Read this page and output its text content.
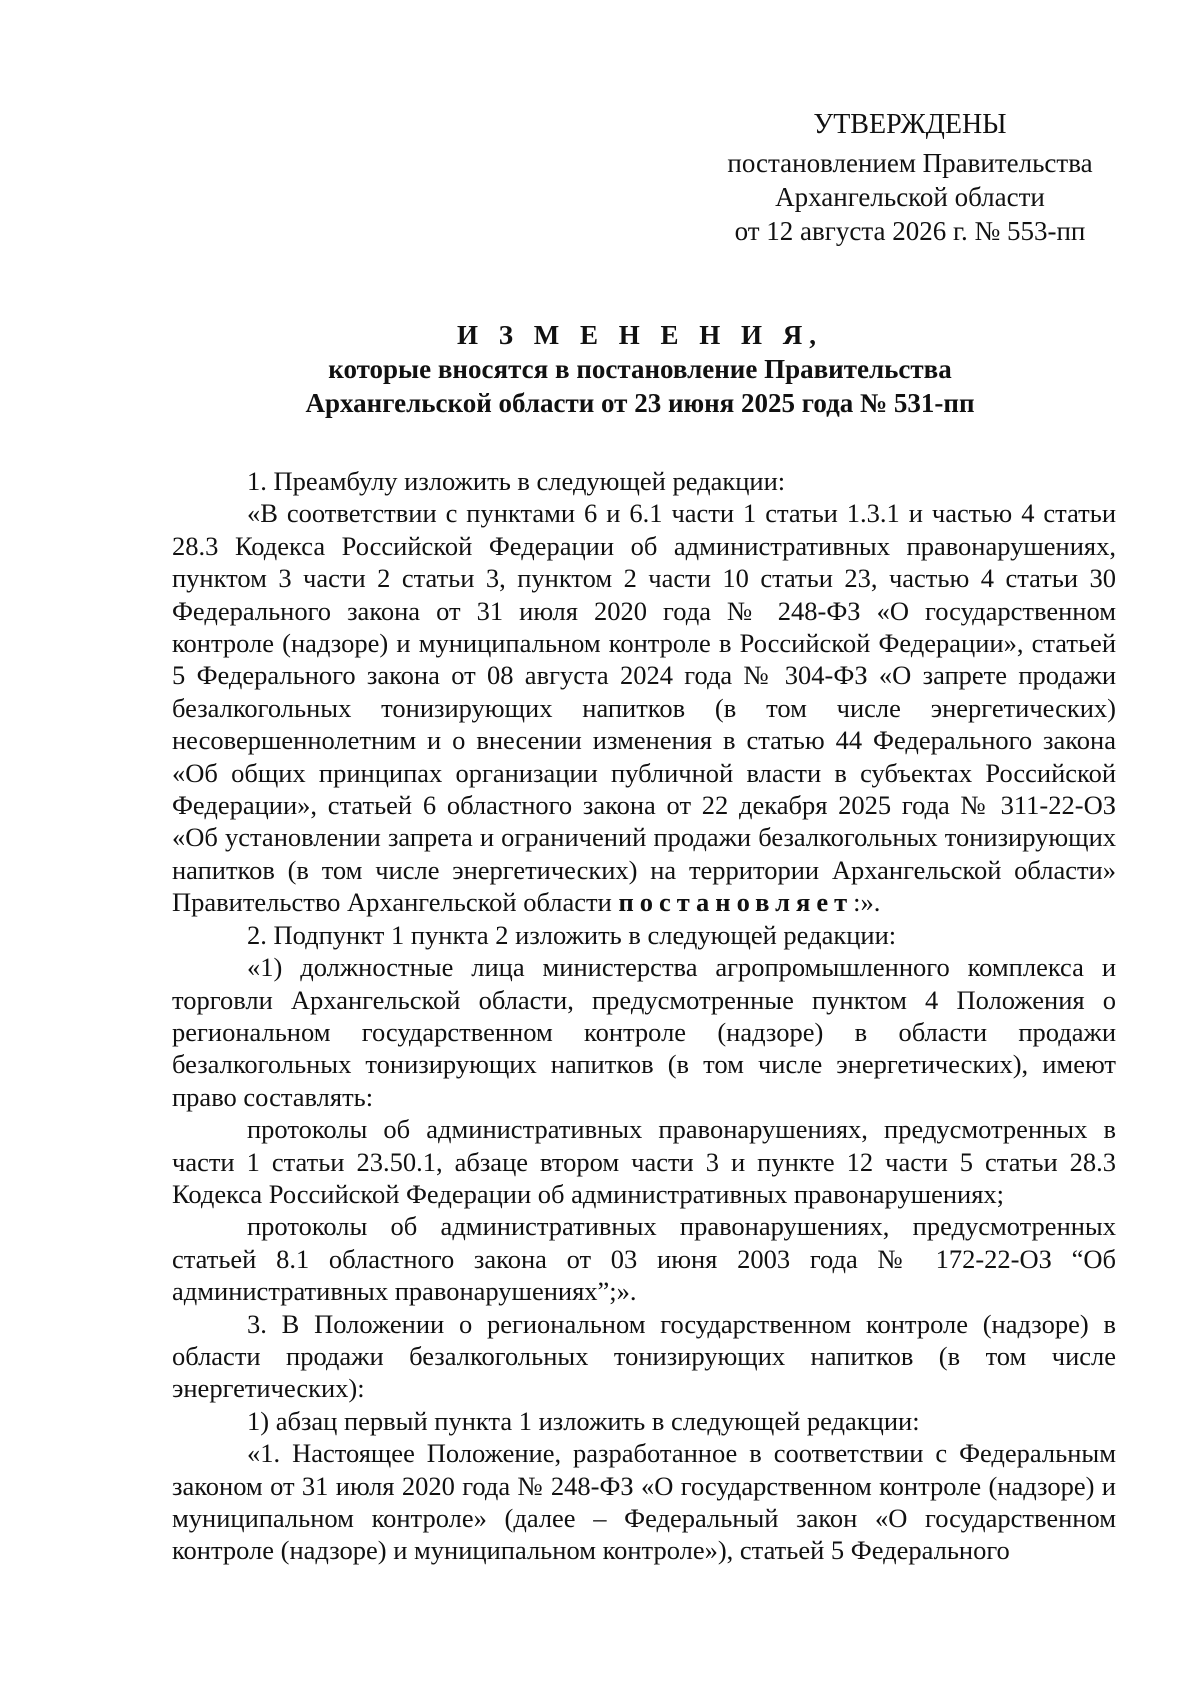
УТВЕРЖДЕНЫ
постановлением Правительства
Архангельской области
от 12 августа 2026 г. № 553-пп
И З М Е Н Е Н И Я,
которые вносятся в постановление Правительства
Архангельской области от 23 июня 2025 года № 531-пп

1. Преамбулу изложить в следующей редакции:

«В соответствии с пунктами 6 и 6.1 части 1 статьи 1.3.1 и частью 4 статьи 28.3 Кодекса Российской Федерации об административных правонарушениях, пунктом 3 части 2 статьи 3, пунктом 2 части 10 статьи 23, частью 4 статьи 30 Федерального закона от 31 июля 2020 года № 248-ФЗ «О государственном контроле (надзоре) и муниципальном контроле в Российской Федерации», статьей 5 Федерального закона от 08 августа 2024 года № 304-ФЗ «О запрете продажи безалкогольных тонизирующих напитков (в том числе энергетических) несовершеннолетним и о внесении изменения в статью 44 Федерального закона «Об общих принципах организации публичной власти в субъектах Российской Федерации», статьей 6 областного закона от 22 декабря 2025 года № 311-22-ОЗ «Об установлении запрета и ограничений продажи безалкогольных тонизирующих напитков (в том числе энергетических) на территории Архангельской области» Правительство Архангельской области постановляет:».

2. Подпункт 1 пункта 2 изложить в следующей редакции:

«1) должностные лица министерства агропромышленного комплекса и торговли Архангельской области, предусмотренные пунктом 4 Положения о региональном государственном контроле (надзоре) в области продажи безалкогольных тонизирующих напитков (в том числе энергетических), имеют право составлять:

протоколы об административных правонарушениях, предусмотренных в части 1 статьи 23.50.1, абзаце втором части 3 и пункте 12 части 5 статьи 28.3 Кодекса Российской Федерации об административных правонарушениях;

протоколы об административных правонарушениях, предусмотренных статьей 8.1 областного закона от 03 июня 2003 года № 172-22-ОЗ “Об административных правонарушениях”;».

3. В Положении о региональном государственном контроле (надзоре) в области продажи безалкогольных тонизирующих напитков (в том числе энергетических):

1) абзац первый пункта 1 изложить в следующей редакции:

«1. Настоящее Положение, разработанное в соответствии с Федеральным законом от 31 июля 2020 года № 248-ФЗ «О государственном контроле (надзоре) и муниципальном контроле» (далее – Федеральный закон «О государственном контроле (надзоре) и муниципальном контроле»), статьей 5 Федерального
